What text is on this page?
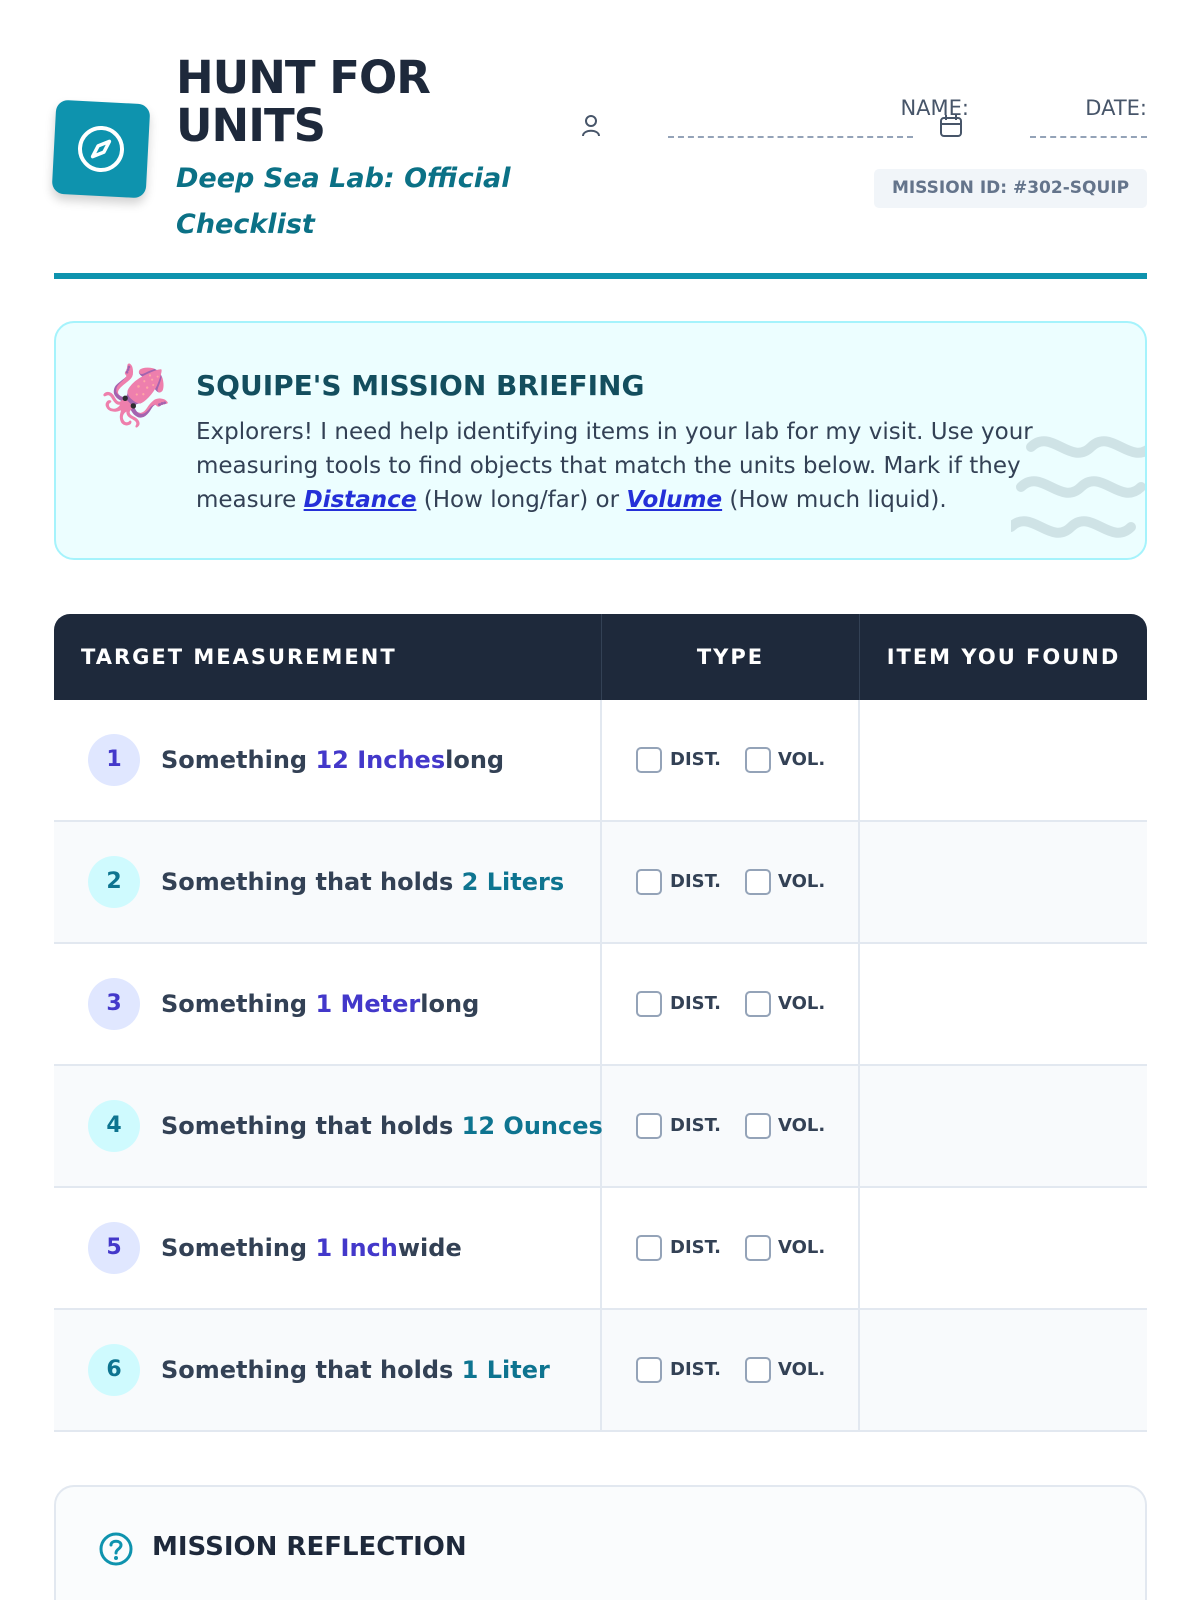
HUNT FOR UNITS
Deep Sea Lab: Official Checklist
NAME:	DATE:
MISSION ID: #302-SQUIP
🦑 SQUIPE'S MISSION BRIEFING
Explorers! I need help identifying items in your lab for my visit. Use your measuring tools to find objects that match the units below. Mark if they measure Distance (How long/far) or Volume (How much liquid).
TARGET MEASUREMENT	TYPE	ITEM YOU FOUND
1	Something 12 Incheslong	DIST.	VOL.
2	Something that holds 2 Liters	DIST.	VOL.
3	Something 1 Meterlong	DIST.	VOL.
4	Something that holds 12 Ounces	DIST.	VOL.
5	Something 1 Inchwide	DIST.	VOL.
6	Something that holds 1 Liter	DIST.	VOL.
MISSION REFLECTION
